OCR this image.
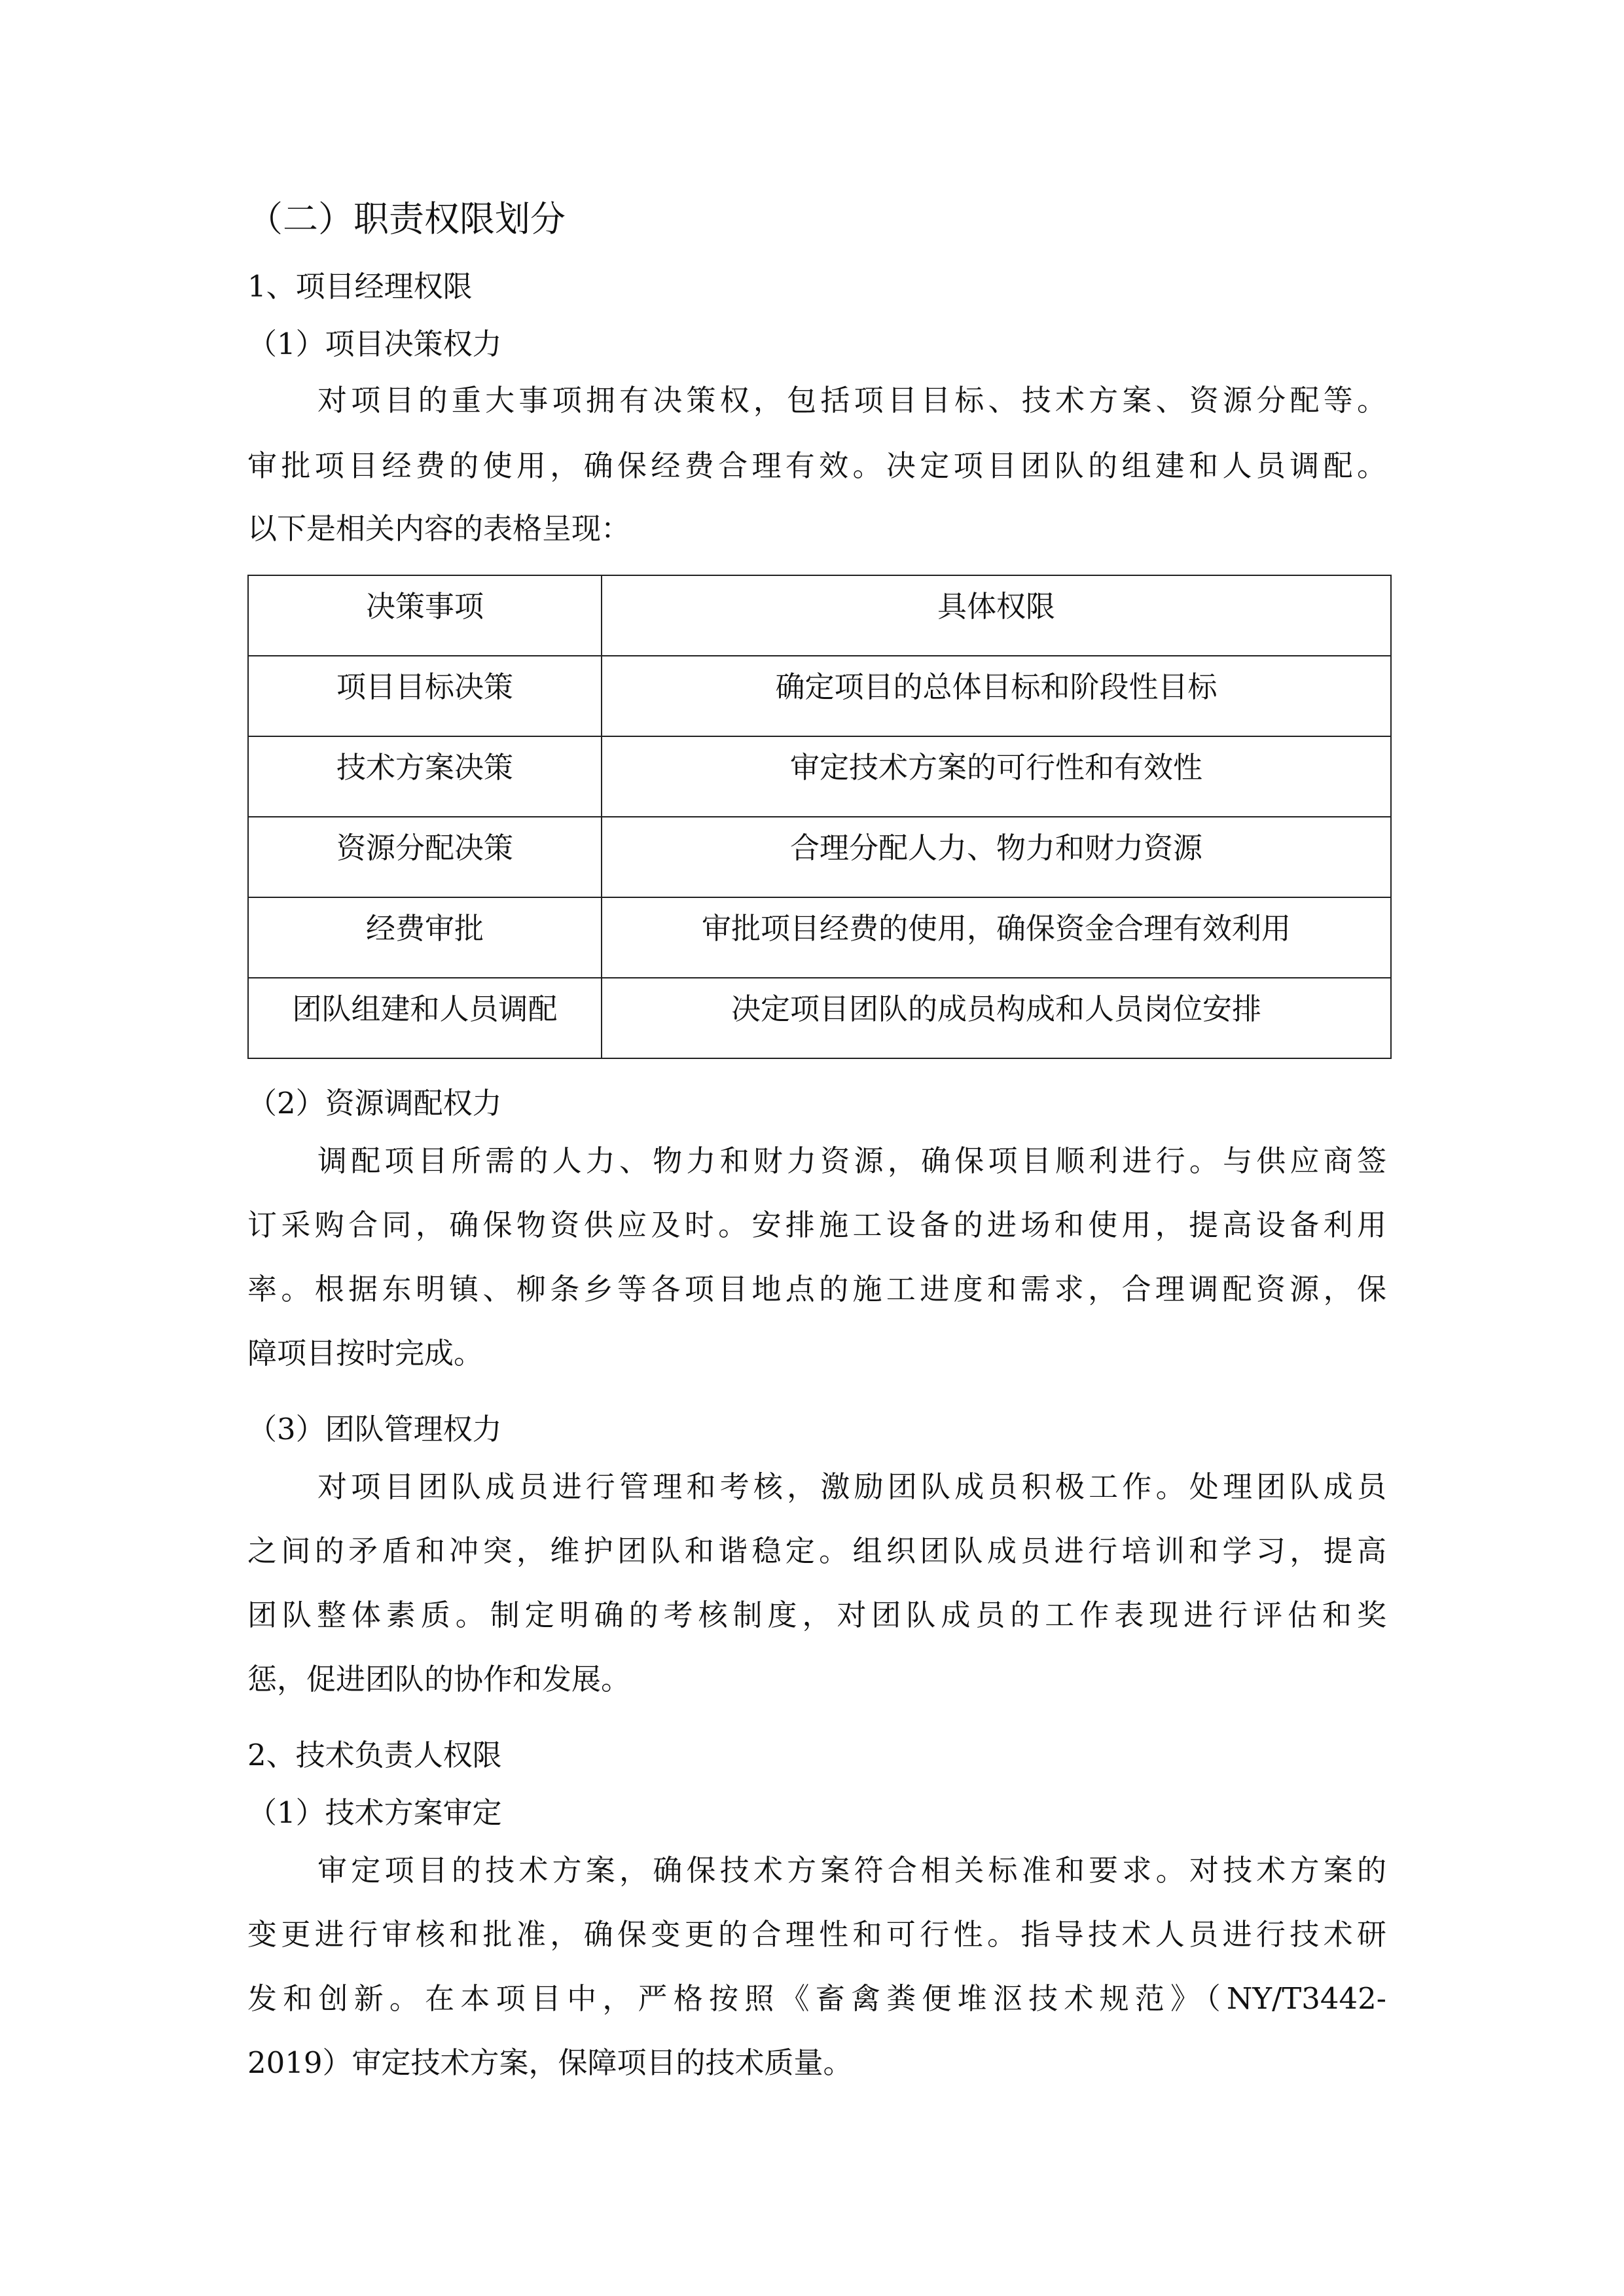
（二）职责权限划分
1、项目经理权限
（1）项目决策权力
对项目的重大事项拥有决策权，包括项目目标、技术方案、资源分配等。
审批项目经费的使用，确保经费合理有效。决定项目团队的组建和人员调配。
以下是相关内容的表格呈现：
决策事项	具体权限
项目目标决策	确定项目的总体目标和阶段性目标
技术方案决策	审定技术方案的可行性和有效性
资源分配决策	合理分配人力、物力和财力资源
经费审批	审批项目经费的使用，确保资金合理有效利用
团队组建和人员调配	决定项目团队的成员构成和人员岗位安排
（2）资源调配权力
调配项目所需的人力、物力和财力资源，确保项目顺利进行。与供应商签
订采购合同，确保物资供应及时。安排施工设备的进场和使用，提高设备利用
率。根据东明镇、柳条乡等各项目地点的施工进度和需求，合理调配资源，保
障项目按时完成。
（3）团队管理权力
对项目团队成员进行管理和考核，激励团队成员积极工作。处理团队成员
之间的矛盾和冲突，维护团队和谐稳定。组织团队成员进行培训和学习，提高
团队整体素质。制定明确的考核制度，对团队成员的工作表现进行评估和奖
惩，促进团队的协作和发展。
2、技术负责人权限
（1）技术方案审定
审定项目的技术方案，确保技术方案符合相关标准和要求。对技术方案的
变更进行审核和批准，确保变更的合理性和可行性。指导技术人员进行技术研
发和创新。在本项目中，严格按照《畜禽粪便堆沤技术规范》（NY/T3442-
2019）审定技术方案，保障项目的技术质量。
